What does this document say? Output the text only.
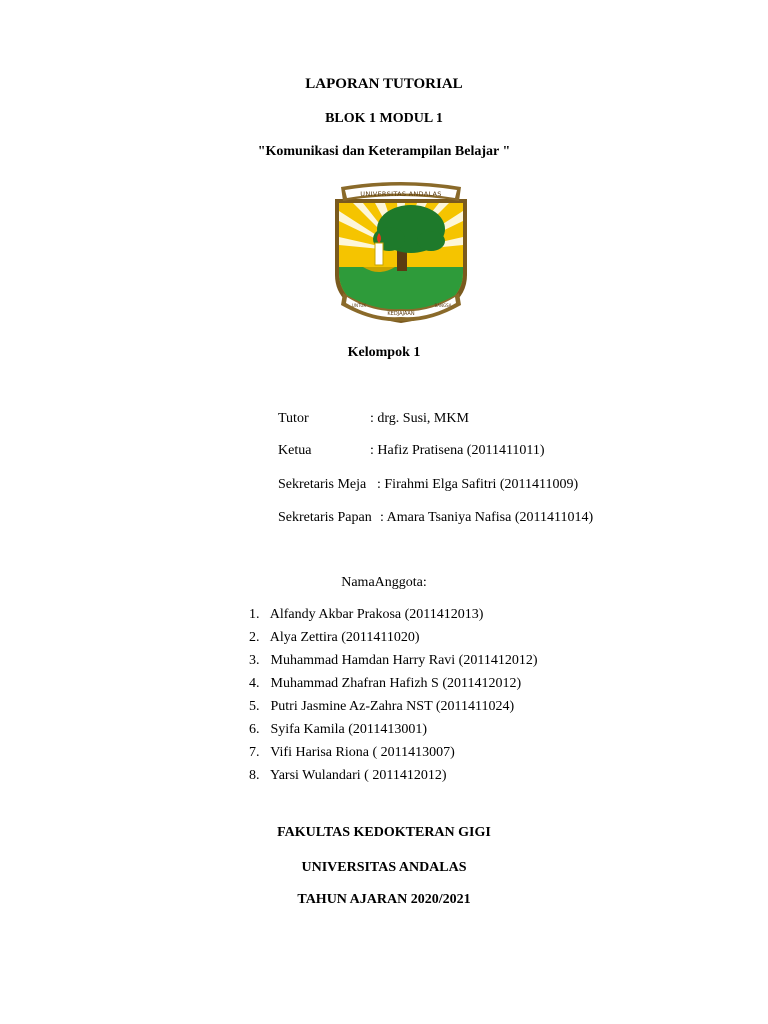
LAPORAN TUTORIAL
BLOK 1 MODUL 1
"Komunikasi dan Keterampilan Belajar "
UNIVERSITAS ANDALAS
KEDJAJAAN
UNTUK	BANGSA
Kelompok 1
Tutor	: drg. Susi, MKM
Ketua	: Hafiz Pratisena (2011411011)
Sekretaris Meja : Firahmi Elga Safitri (2011411009)
Sekretaris Papan : Amara Tsaniya Nafisa (2011411014)
NamaAnggota:
1. Alfandy Akbar Prakosa (2011412013)
2. Alya Zettira (2011411020)
3. Muhammad Hamdan Harry Ravi (2011412012)
4. Muhammad Zhafran Hafizh S (2011412012)
5. Putri Jasmine Az-Zahra NST (2011411024)
6. Syifa Kamila (2011413001)
7. Vifi Harisa Riona ( 2011413007)
8. Yarsi Wulandari ( 2011412012)
FAKULTAS KEDOKTERAN GIGI
UNIVERSITAS ANDALAS
TAHUN AJARAN 2020/2021
